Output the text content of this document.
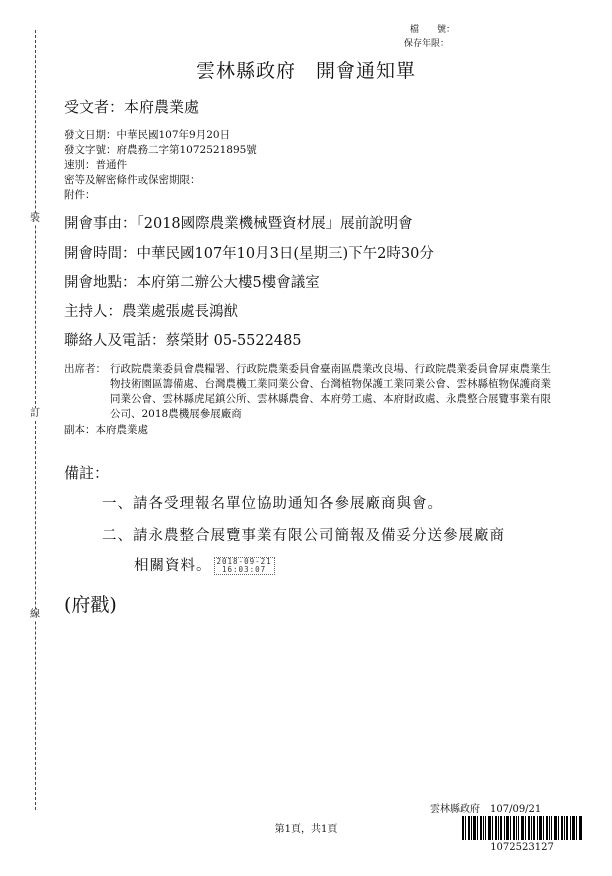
裝
訂
線
檔　　號：
保存年限：
雲林縣政府　開會通知單
受文者：本府農業處
發文日期：中華民國107年9月20日
發文字號：府農務二字第1072521895號
速別：普通件
密等及解密條件或保密期限：
附件：
開會事由：「2018國際農業機械暨資材展」展前說明會
開會時間：中華民國107年10月3日(星期三)下午2時30分
開會地點：本府第二辦公大樓5樓會議室
主持人：農業處張處長鴻猷
聯絡人及電話：蔡榮財 05-5522485
出席者： 行政院農業委員會農糧署、行政院農業委員會臺南區農業改良場、行政院農業委員會屏東農業生物技術園區籌備處、台灣農機工業同業公會、台灣植物保護工業同業公會、雲林縣植物保護商業同業公會、雲林縣虎尾鎮公所、雲林縣農會、本府勞工處、本府財政處、永農整合展覽事業有限公司、2018農機展參展廠商
副本：本府農業處
備註：
一、請各受理報名單位協助通知各參展廠商與會。
二、請永農整合展覽事業有限公司簡報及備妥分送參展廠商
相關資料。 2018-09-21
16:03:07
(府戳)
雲林縣政府　107/09/21
第1頁，共1頁
1072523127
